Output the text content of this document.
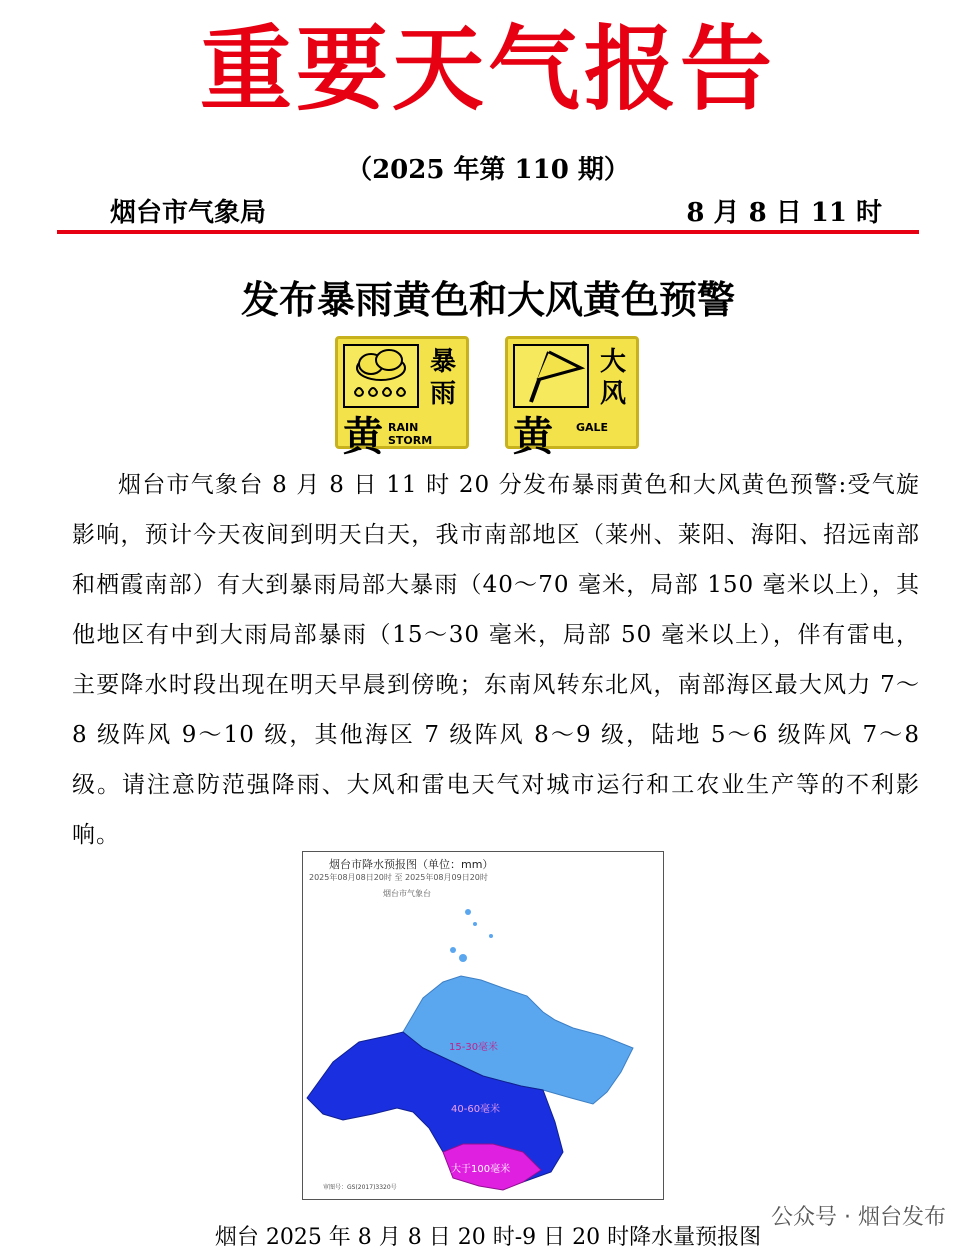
重要天气报告
（2025 年第 110 期）
烟台市气象局	8 月 8 日 11 时
发布暴雨黄色和大风黄色预警
暴
雨
黄 RAIN STORM
大
风
黄 GALE
烟台市气象台 8 月 8 日 11 时 20 分发布暴雨黄色和大风黄色预警:受气旋影响，预计今天夜间到明天白天，我市南部地区（莱州、莱阳、海阳、招远南部和栖霞南部）有大到暴雨局部大暴雨（40～70 毫米，局部 150 毫米以上），其他地区有中到大雨局部暴雨（15～30 毫米，局部 50 毫米以上），伴有雷电，主要降水时段出现在明天早晨到傍晚；东南风转东北风，南部海区最大风力 7～8 级阵风 9～10 级，其他海区 7 级阵风 8～9 级，陆地 5～6 级阵风 7～8 级。请注意防范强降雨、大风和雷电天气对城市运行和工农业生产等的不利影响。
烟台市降水预报图（单位：mm）
2025年08月08日20时 至 2025年08月09日20时
烟台市气象台
15-30毫米
40-60毫米
大于100毫米
审图号：GS(2017)3320号
烟台 2025 年 8 月 8 日 20 时-9 日 20 时降水量预报图
公众号 · 烟台发布
